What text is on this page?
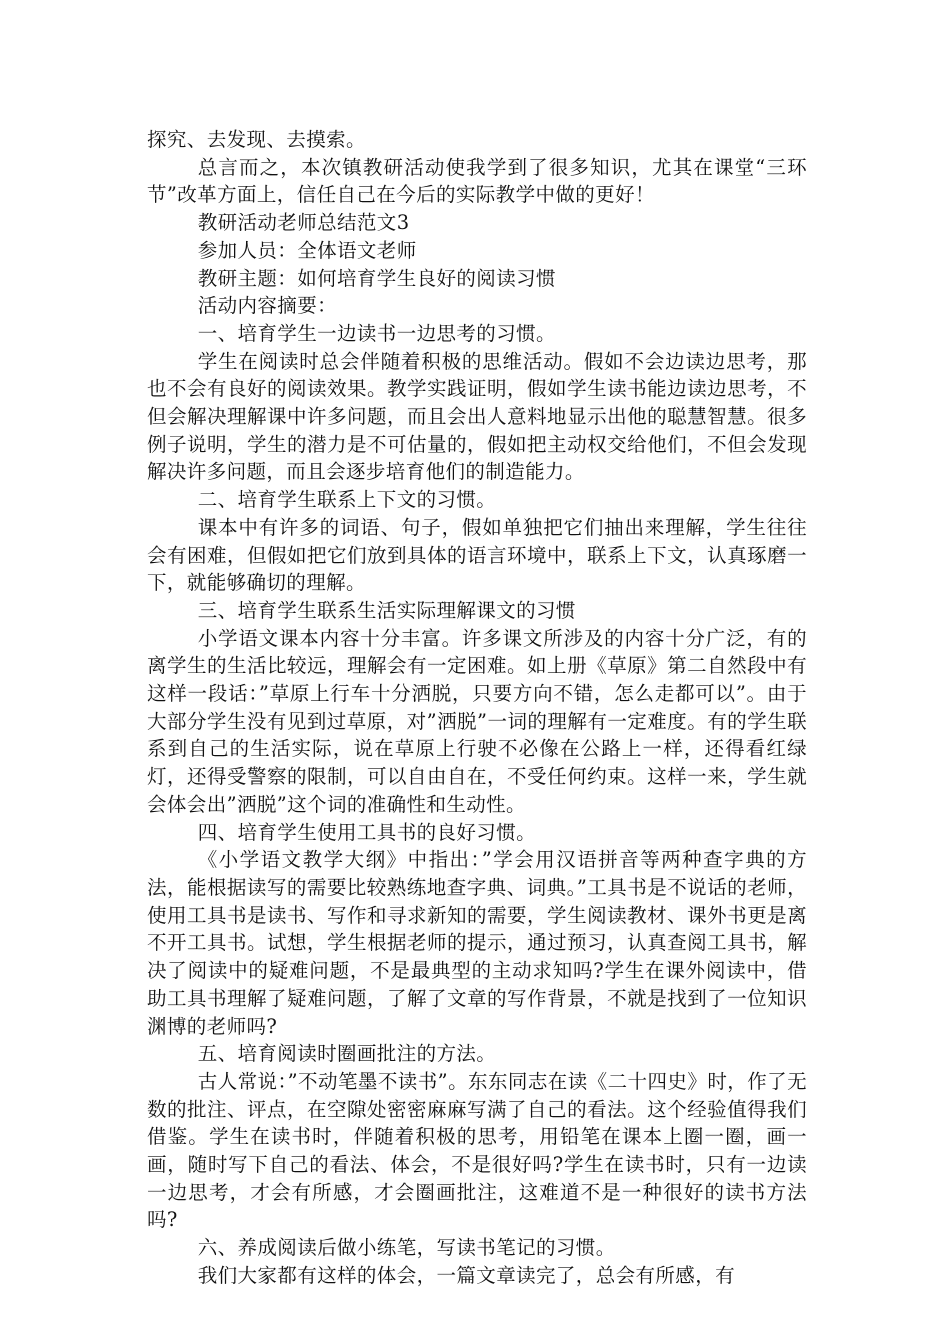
探究、去发现、去摸索。

总言而之，本次镇教研活动使我学到了很多知识，尤其在课堂“三环节”改革方面上，信任自己在今后的实际教学中做的更好！

教研活动老师总结范文3

参加人员：全体语文老师

教研主题：如何培育学生良好的阅读习惯

活动内容摘要：

一、培育学生一边读书一边思考的习惯。

学生在阅读时总会伴随着积极的思维活动。假如不会边读边思考，那也不会有良好的阅读效果。教学实践证明，假如学生读书能边读边思考，不但会解决理解课中许多问题，而且会出人意料地显示出他的聪慧智慧。很多例子说明，学生的潜力是不可估量的，假如把主动权交给他们，不但会发现解决许多问题，而且会逐步培育他们的制造能力。

二、培育学生联系上下文的习惯。

课本中有许多的词语、句子，假如单独把它们抽出来理解，学生往往会有困难，但假如把它们放到具体的语言环境中，联系上下文，认真琢磨一下，就能够确切的理解。

三、培育学生联系生活实际理解课文的习惯

小学语文课本内容十分丰富。许多课文所涉及的内容十分广泛，有的离学生的生活比较远，理解会有一定困难。如上册《草原》第二自然段中有这样一段话：”草原上行车十分洒脱，只要方向不错，怎么走都可以”。由于大部分学生没有见到过草原，对”洒脱”一词的理解有一定难度。有的学生联系到自己的生活实际，说在草原上行驶不必像在公路上一样，还得看红绿灯，还得受警察的限制，可以自由自在，不受任何约束。这样一来，学生就会体会出”洒脱”这个词的准确性和生动性。

四、培育学生使用工具书的良好习惯。

《小学语文教学大纲》中指出：”学会用汉语拼音等两种查字典的方法，能根据读写的需要比较熟练地查字典、词典。”工具书是不说话的老师，使用工具书是读书、写作和寻求新知的需要，学生阅读教材、课外书更是离不开工具书。试想，学生根据老师的提示，通过预习，认真查阅工具书，解决了阅读中的疑难问题，不是最典型的主动求知吗?学生在课外阅读中，借助工具书理解了疑难问题，了解了文章的写作背景，不就是找到了一位知识渊博的老师吗?

五、培育阅读时圈画批注的方法。

古人常说：”不动笔墨不读书”。东东同志在读《二十四史》时，作了无数的批注、评点，在空隙处密密麻麻写满了自己的看法。这个经验值得我们借鉴。学生在读书时，伴随着积极的思考，用铅笔在课本上圈一圈，画一画，随时写下自己的看法、体会，不是很好吗?学生在读书时，只有一边读一边思考，才会有所感，才会圈画批注，这难道不是一种很好的读书方法吗?

六、养成阅读后做小练笔，写读书笔记的习惯。

我们大家都有这样的体会，一篇文章读完了，总会有所感，有
